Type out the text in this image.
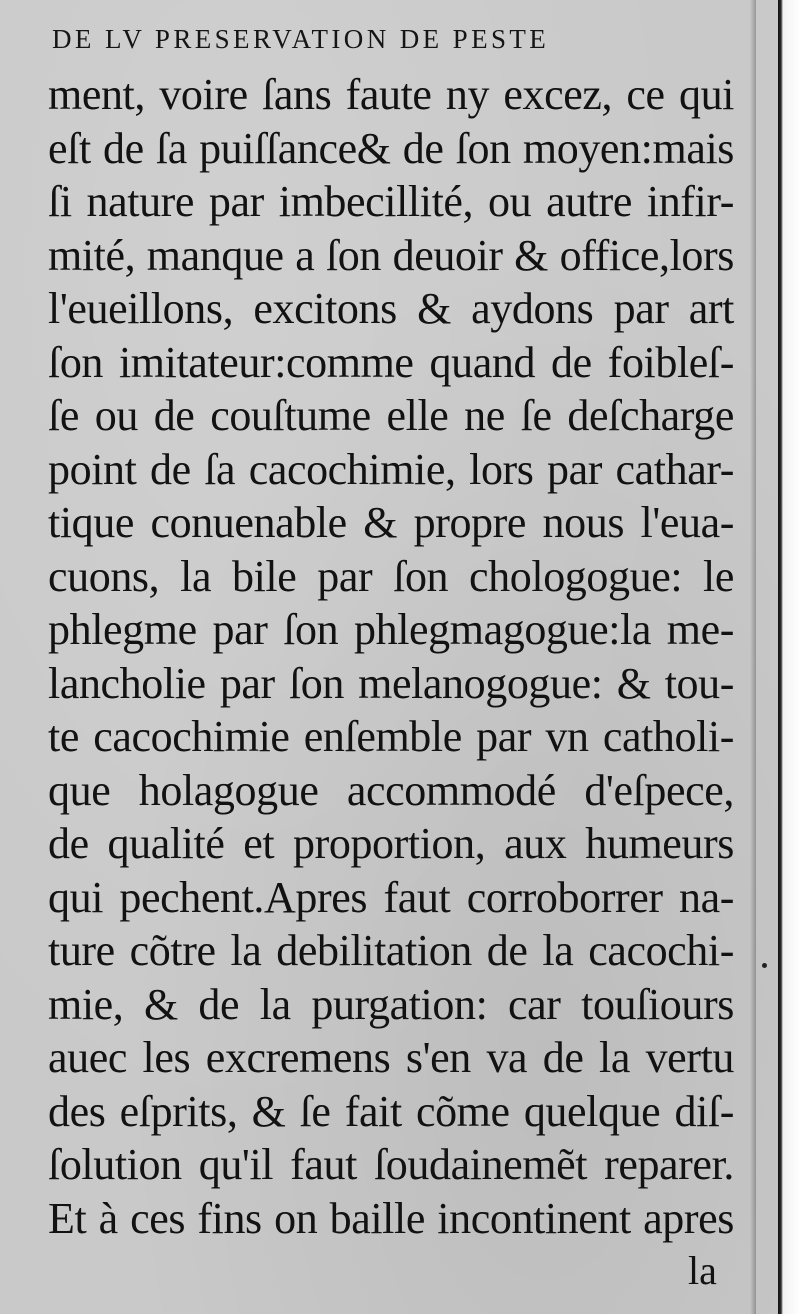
DE LV PRESERVATION DE PESTE
ment, voire ſans faute ny excez, ce qui
eſt de ſa puiſſance& de ſon moyen:mais
ſi nature par imbecillité, ou autre infir-
mité, manque a ſon deuoir & office,lors
l'eueillons, excitons & aydons par art
ſon imitateur:comme quand de foibleſ-
ſe ou de couſtume elle ne ſe deſcharge
point de ſa cacochimie, lors par cathar-
tique conuenable & propre nous l'eua-
cuons, la bile par ſon chologogue: le
phlegme par ſon phlegmagogue:la me-
lancholie par ſon melanogogue: & tou-
te cacochimie enſemble par vn catholi-
que holagogue accommodé d'eſpece,
de qualité et proportion, aux humeurs
qui pechent.Apres faut corroborrer na-
ture cõtre la debilitation de la cacochi-
mie, & de la purgation: car touſiours
auec les excremens s'en va de la vertu
des eſprits, & ſe fait cõme quelque diſ-
ſolution qu'il faut ſoudainemẽt reparer.
Et à ces fins on baille incontinent apres
la
